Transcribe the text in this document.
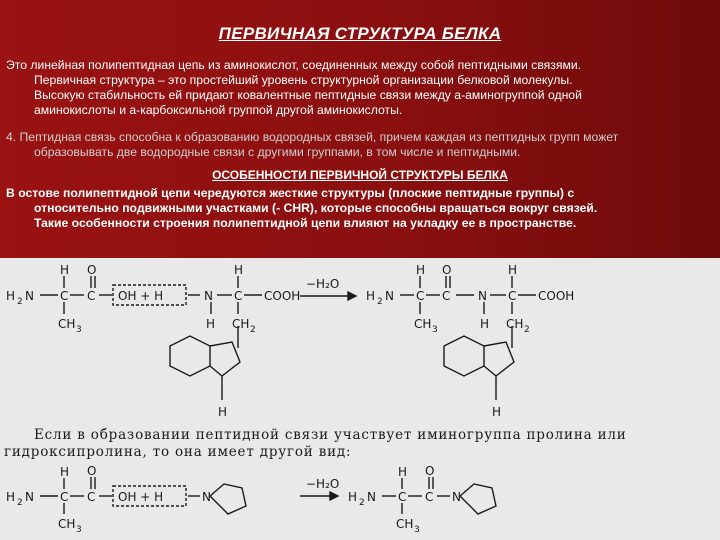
ПЕРВИЧНАЯ СТРУКТУРА БЕЛКА
Это линейная полипептидная цепь из аминокислот, соединенных между собой пептидными связями.
Первичная структура – это простейший уровень структурной организации белковой молекулы.
Высокую стабильность ей придают ковалентные пептидные связи между a-аминогруппой одной
аминокислоты и a-карбоксильной группой другой аминокислоты.
4. Пептидная связь способна к образованию водородных связей, причем каждая из пептидных групп может
образовывать две водородные связи с другими группами, в том числе и пептидными.
ОСОБЕННОСТИ ПЕРВИЧНОЙ СТРУКТУРЫ БЕЛКА
В остове полипептидной цепи чередуются жесткие структуры (плоские пептидные группы) с
относительно подвижными участками (- CHR), которые способны вращаться вокруг связей.
Такие особенности строения полипептидной цепи влияют на укладку ее в пространстве.
H 2 N
H
C
CH 3
O
C OH + H	N
H
H
C
CH 2
COOH
H
−H₂O
H 2 N
H
C
CH 3
O
C N
H
H
C
CH 2
COOH
H
Если в образовании пептидной связи участвует иминогруппа пролина или
гидроксипролина, то она имеет другой вид:
H 2 N
H
C
CH 3
O
C OH + H	N
−H₂O
H 2 N
H
C
CH 3
O
C N
